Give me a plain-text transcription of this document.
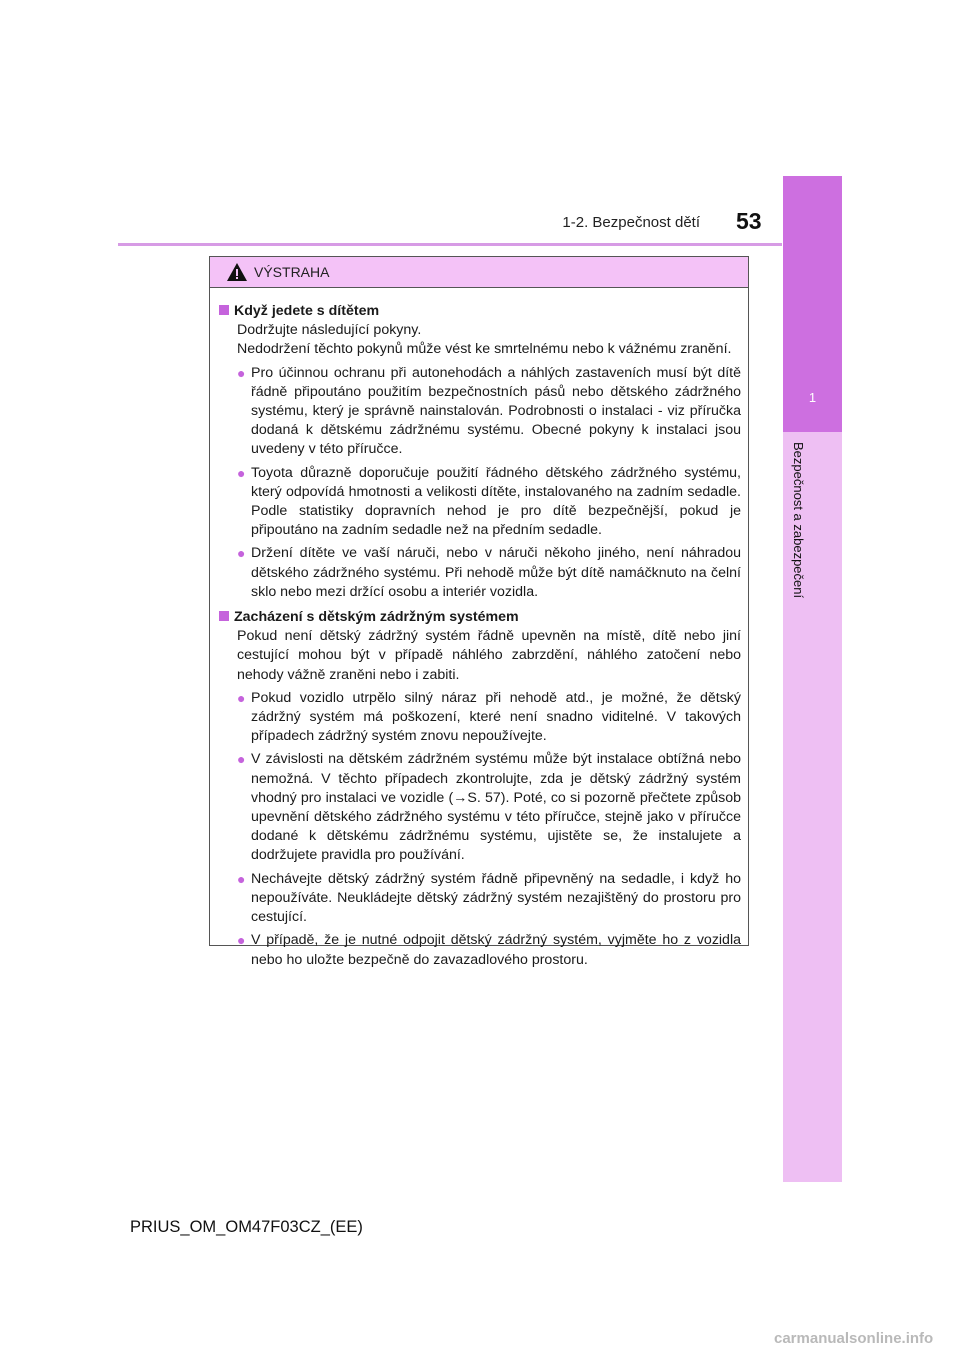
1-2. Bezpečnost dětí 53
1
Bezpečnost a zabezpečení
VÝSTRAHA
Když jedete s dítětem
Dodržujte následující pokyny.
Nedodržení těchto pokynů může vést ke smrtelnému nebo k vážnému zranění.
● Pro účinnou ochranu při autonehodách a náhlých zastaveních musí být dítě řádně připoutáno použitím bezpečnostních pásů nebo dětského zádržného systému, který je správně nainstalován. Podrobnosti o instalaci - viz příručka dodaná k dětskému zádržnému systému. Obecné pokyny k instalaci jsou uvedeny v této příručce.
● Toyota důrazně doporučuje použití řádného dětského zádržného systému, který odpovídá hmotnosti a velikosti dítěte, instalovaného na zadním sedadle. Podle statistiky dopravních nehod je pro dítě bezpečnější, pokud je připoutáno na zadním sedadle než na předním sedadle.
● Držení dítěte ve vaší náruči, nebo v náruči někoho jiného, není náhradou dětského zádržného systému. Při nehodě může být dítě namáčknuto na čelní sklo nebo mezi držící osobu a interiér vozidla.
Zacházení s dětským zádržným systémem
Pokud není dětský zádržný systém řádně upevněn na místě, dítě nebo jiní cestující mohou být v případě náhlého zabrzdění, náhlého zatočení nebo nehody vážně zraněni nebo i zabiti.
● Pokud vozidlo utrpělo silný náraz při nehodě atd., je možné, že dětský zádržný systém má poškození, které není snadno viditelné. V takových případech zádržný systém znovu nepoužívejte.
● V závislosti na dětském zádržném systému může být instalace obtížná nebo nemožná. V těchto případech zkontrolujte, zda je dětský zádržný systém vhodný pro instalaci ve vozidle (→S. 57). Poté, co si pozorně přečtete způsob upevnění dětského zádržného systému v této příručce, stejně jako v příručce dodané k dětskému zádržnému systému, ujistěte se, že instalujete a dodržujete pravidla pro používání.
● Nechávejte dětský zádržný systém řádně připevněný na sedadle, i když ho nepoužíváte. Neukládejte dětský zádržný systém nezajištěný do prostoru pro cestující.
● V případě, že je nutné odpojit dětský zádržný systém, vyjměte ho z vozidla nebo ho uložte bezpečně do zavazadlového prostoru.
PRIUS_OM_OM47F03CZ_(EE)
carmanualsonline.info
